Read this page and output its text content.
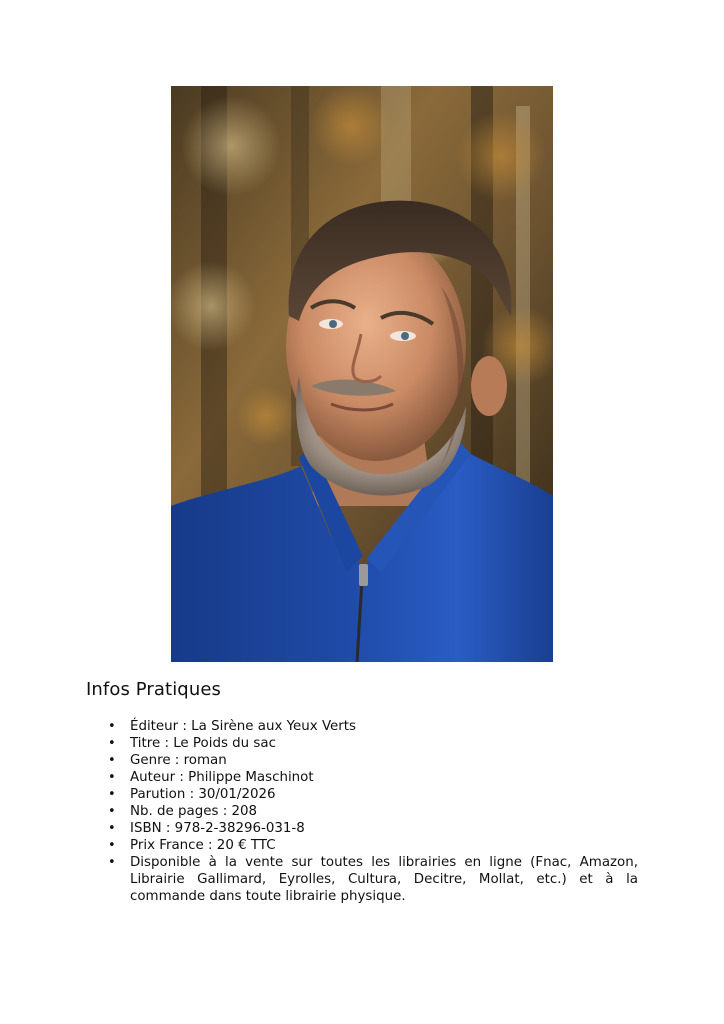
Infos Pratiques
• Éditeur : La Sirène aux Yeux Verts
• Titre : Le Poids du sac
• Genre : roman
• Auteur : Philippe Maschinot
• Parution : 30/01/2026
• Nb. de pages : 208
• ISBN : 978-2-38296-031-8
• Prix France : 20 € TTC
• Disponible à la vente sur toutes les librairies en ligne (Fnac, Amazon, Librairie Gallimard, Eyrolles, Cultura, Decitre, Mollat, etc.) et à la commande dans toute librairie physique.
